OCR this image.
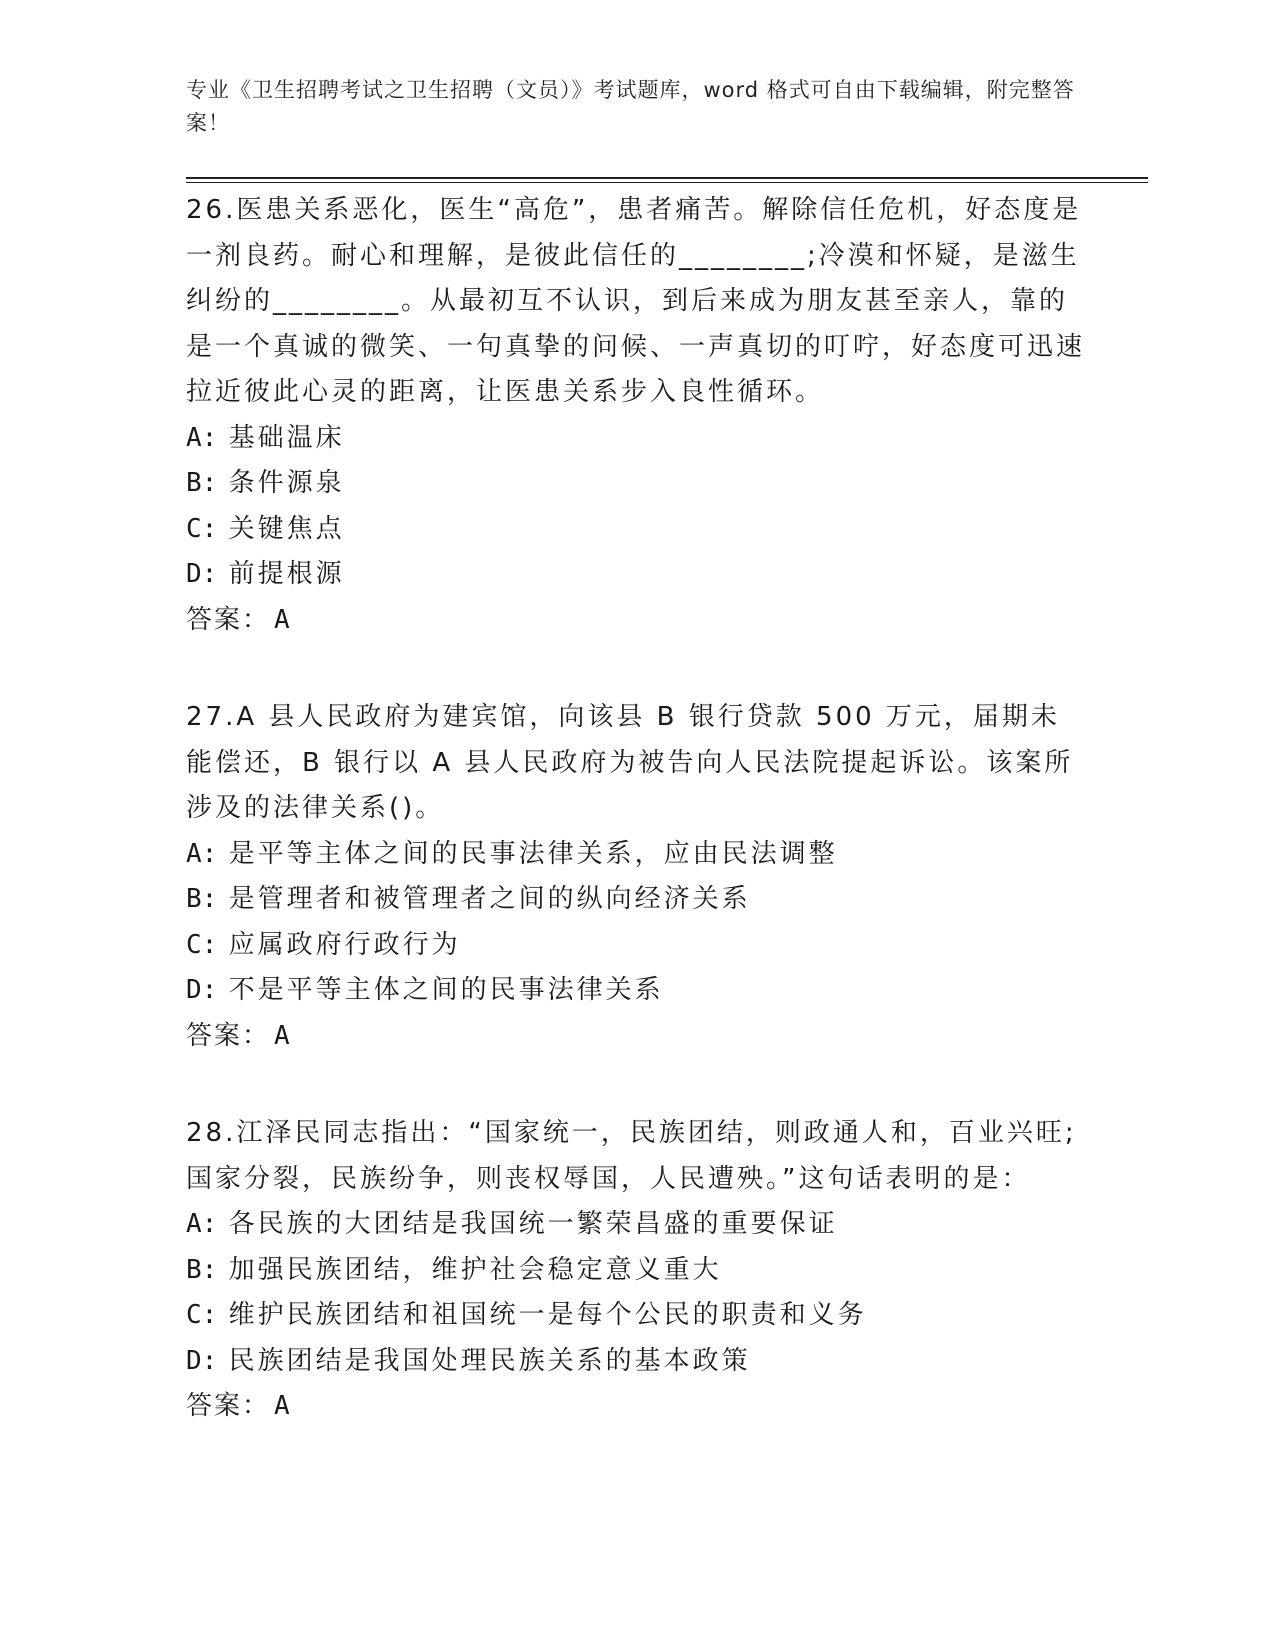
专业《卫生招聘考试之卫生招聘（文员）》考试题库，word 格式可自由下载编辑，附完整答案！

26.医患关系恶化，医生“高危”，患者痛苦。解除信任危机，好态度是一剂良药。耐心和理解，是彼此信任的________;冷漠和怀疑，是滋生纠纷的________。从最初互不认识，到后来成为朋友甚至亲人，靠的是一个真诚的微笑、一句真挚的问候、一声真切的叮咛，好态度可迅速拉近彼此心灵的距离，让医患关系步入良性循环。

A: 基础温床

B: 条件源泉

C: 关键焦点

D: 前提根源

答案： A

27.A 县人民政府为建宾馆，向该县 B 银行贷款 500 万元，届期未能偿还，B 银行以 A 县人民政府为被告向人民法院提起诉讼。该案所涉及的法律关系()。

A: 是平等主体之间的民事法律关系，应由民法调整

B: 是管理者和被管理者之间的纵向经济关系

C: 应属政府行政行为

D: 不是平等主体之间的民事法律关系

答案： A

28.江泽民同志指出：“国家统一，民族团结，则政通人和，百业兴旺;国家分裂，民族纷争，则丧权辱国，人民遭殃。”这句话表明的是：

A: 各民族的大团结是我国统一繁荣昌盛的重要保证

B: 加强民族团结，维护社会稳定意义重大

C: 维护民族团结和祖国统一是每个公民的职责和义务

D: 民族团结是我国处理民族关系的基本政策

答案： A
